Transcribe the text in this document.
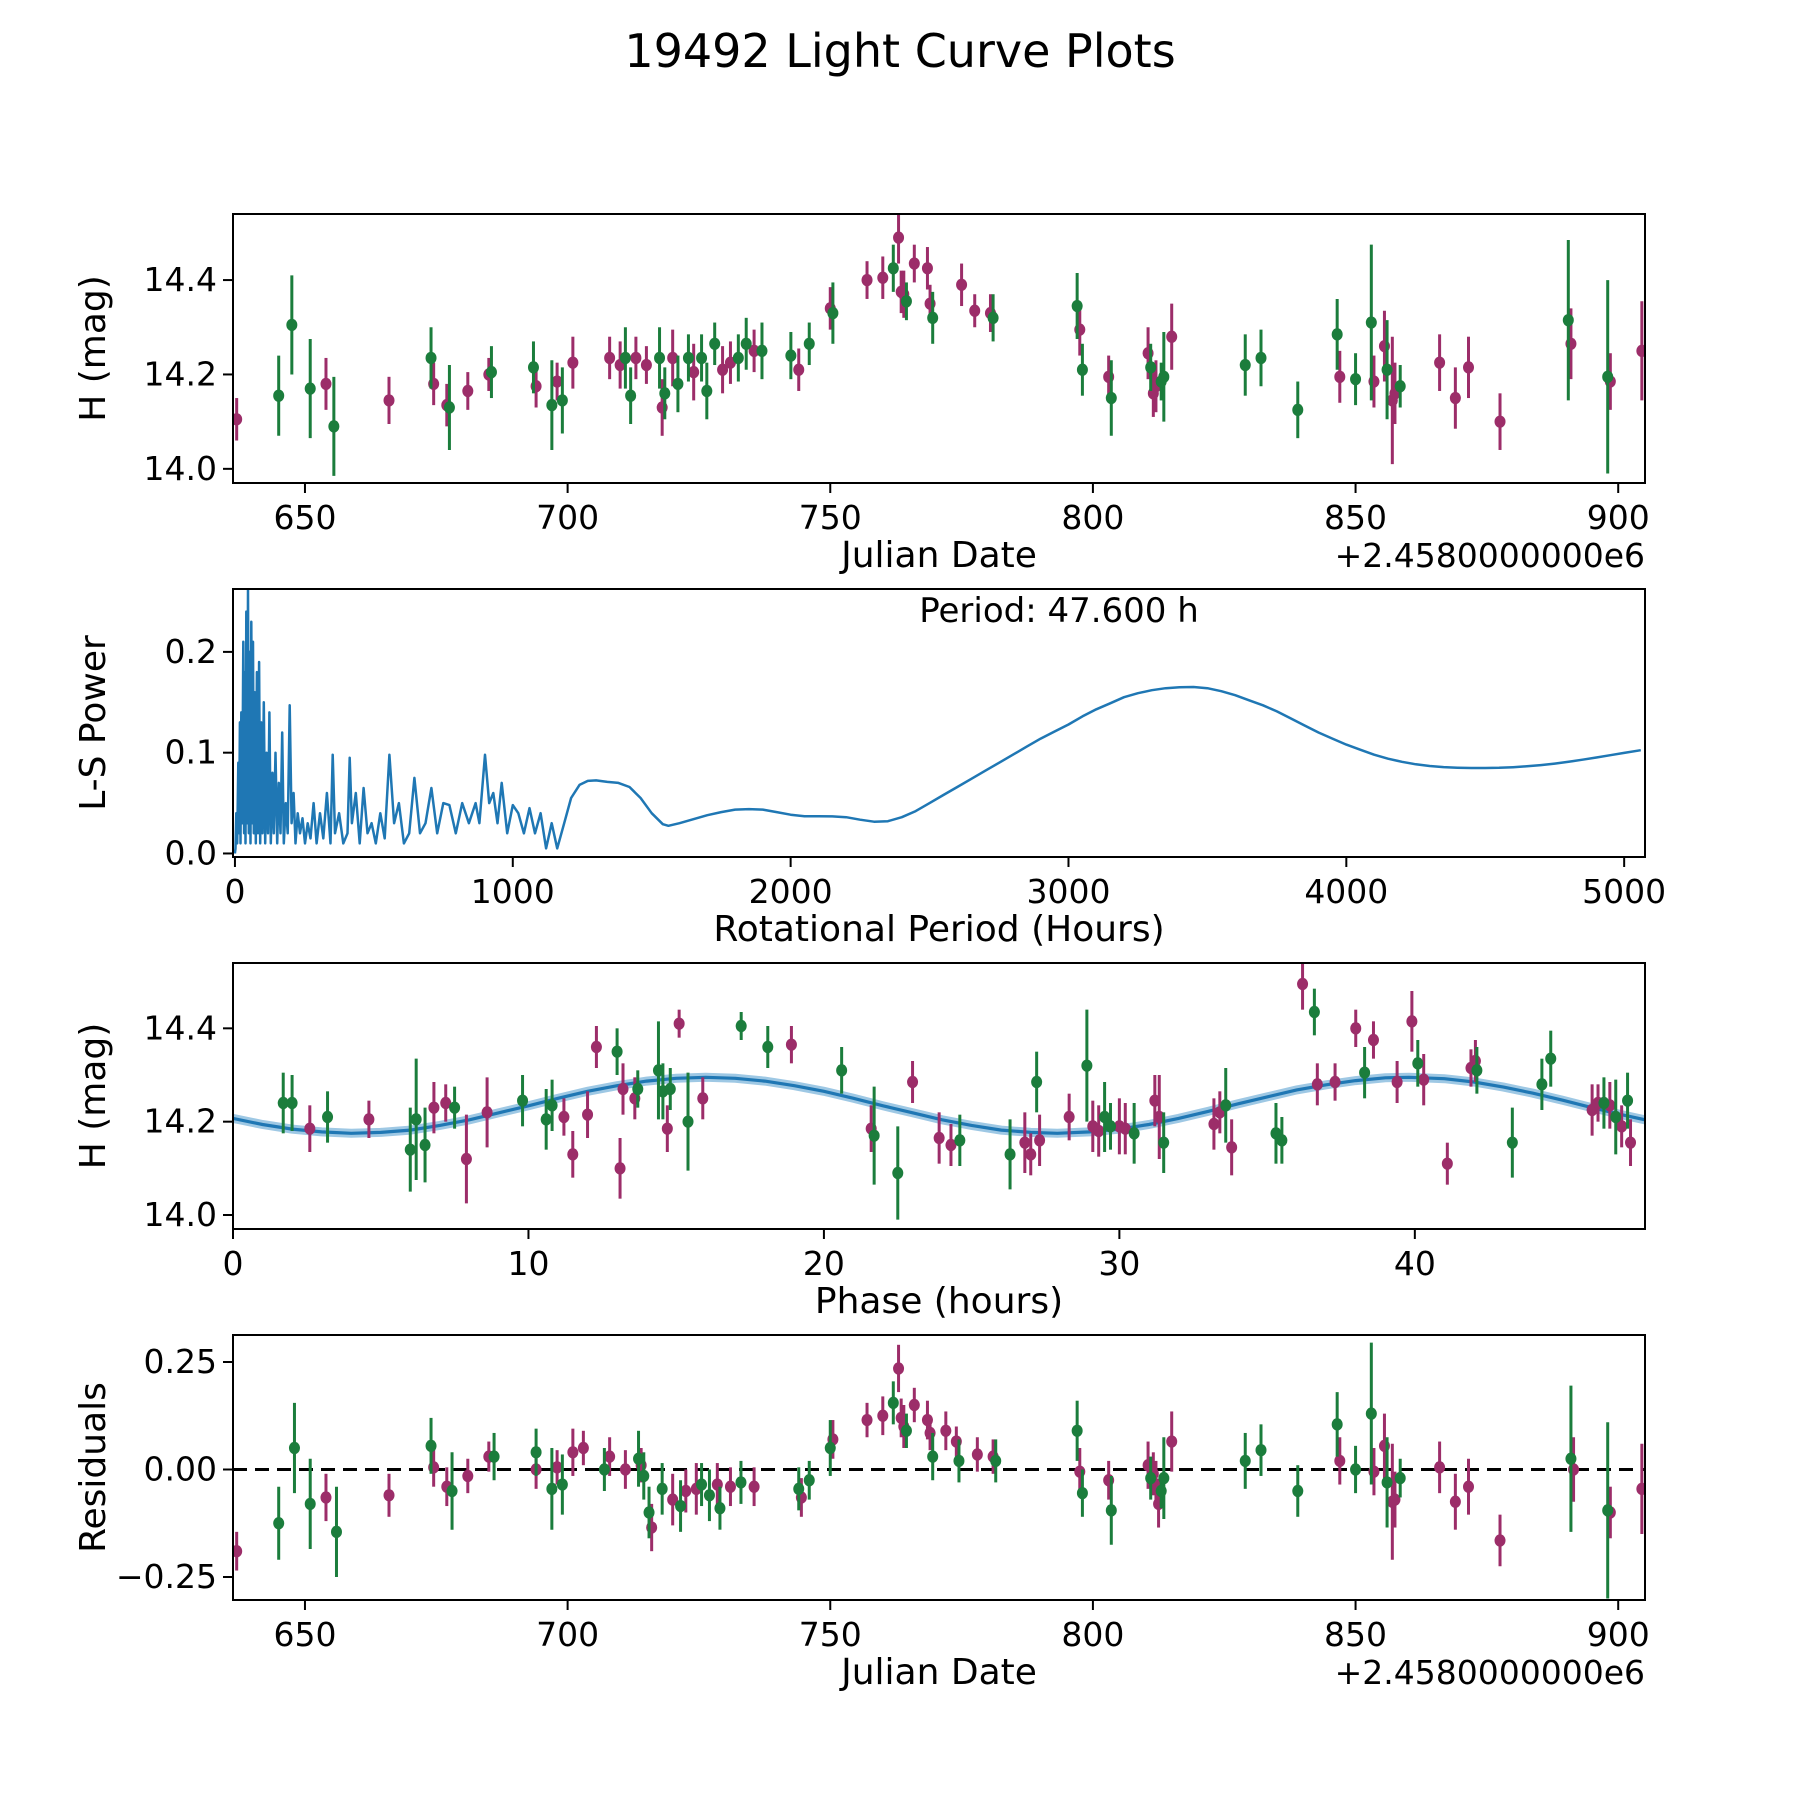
19492 Light Curve Plots
650	700	750	800	850	900
14.0
14.2
14.4
Julian Date	+2.4580000000e6
H (mag)
0	1000	2000	3000	4000	5000
0.0
0.1
0.2
Rotational Period (Hours)
L-S Power
Period: 47.600 h
0	10	20	30	40
14.0
14.2
14.4
Phase (hours)
H (mag)
650	700	750	800	850	900
−0.25
0.00
0.25
Julian Date	+2.4580000000e6
Residuals
